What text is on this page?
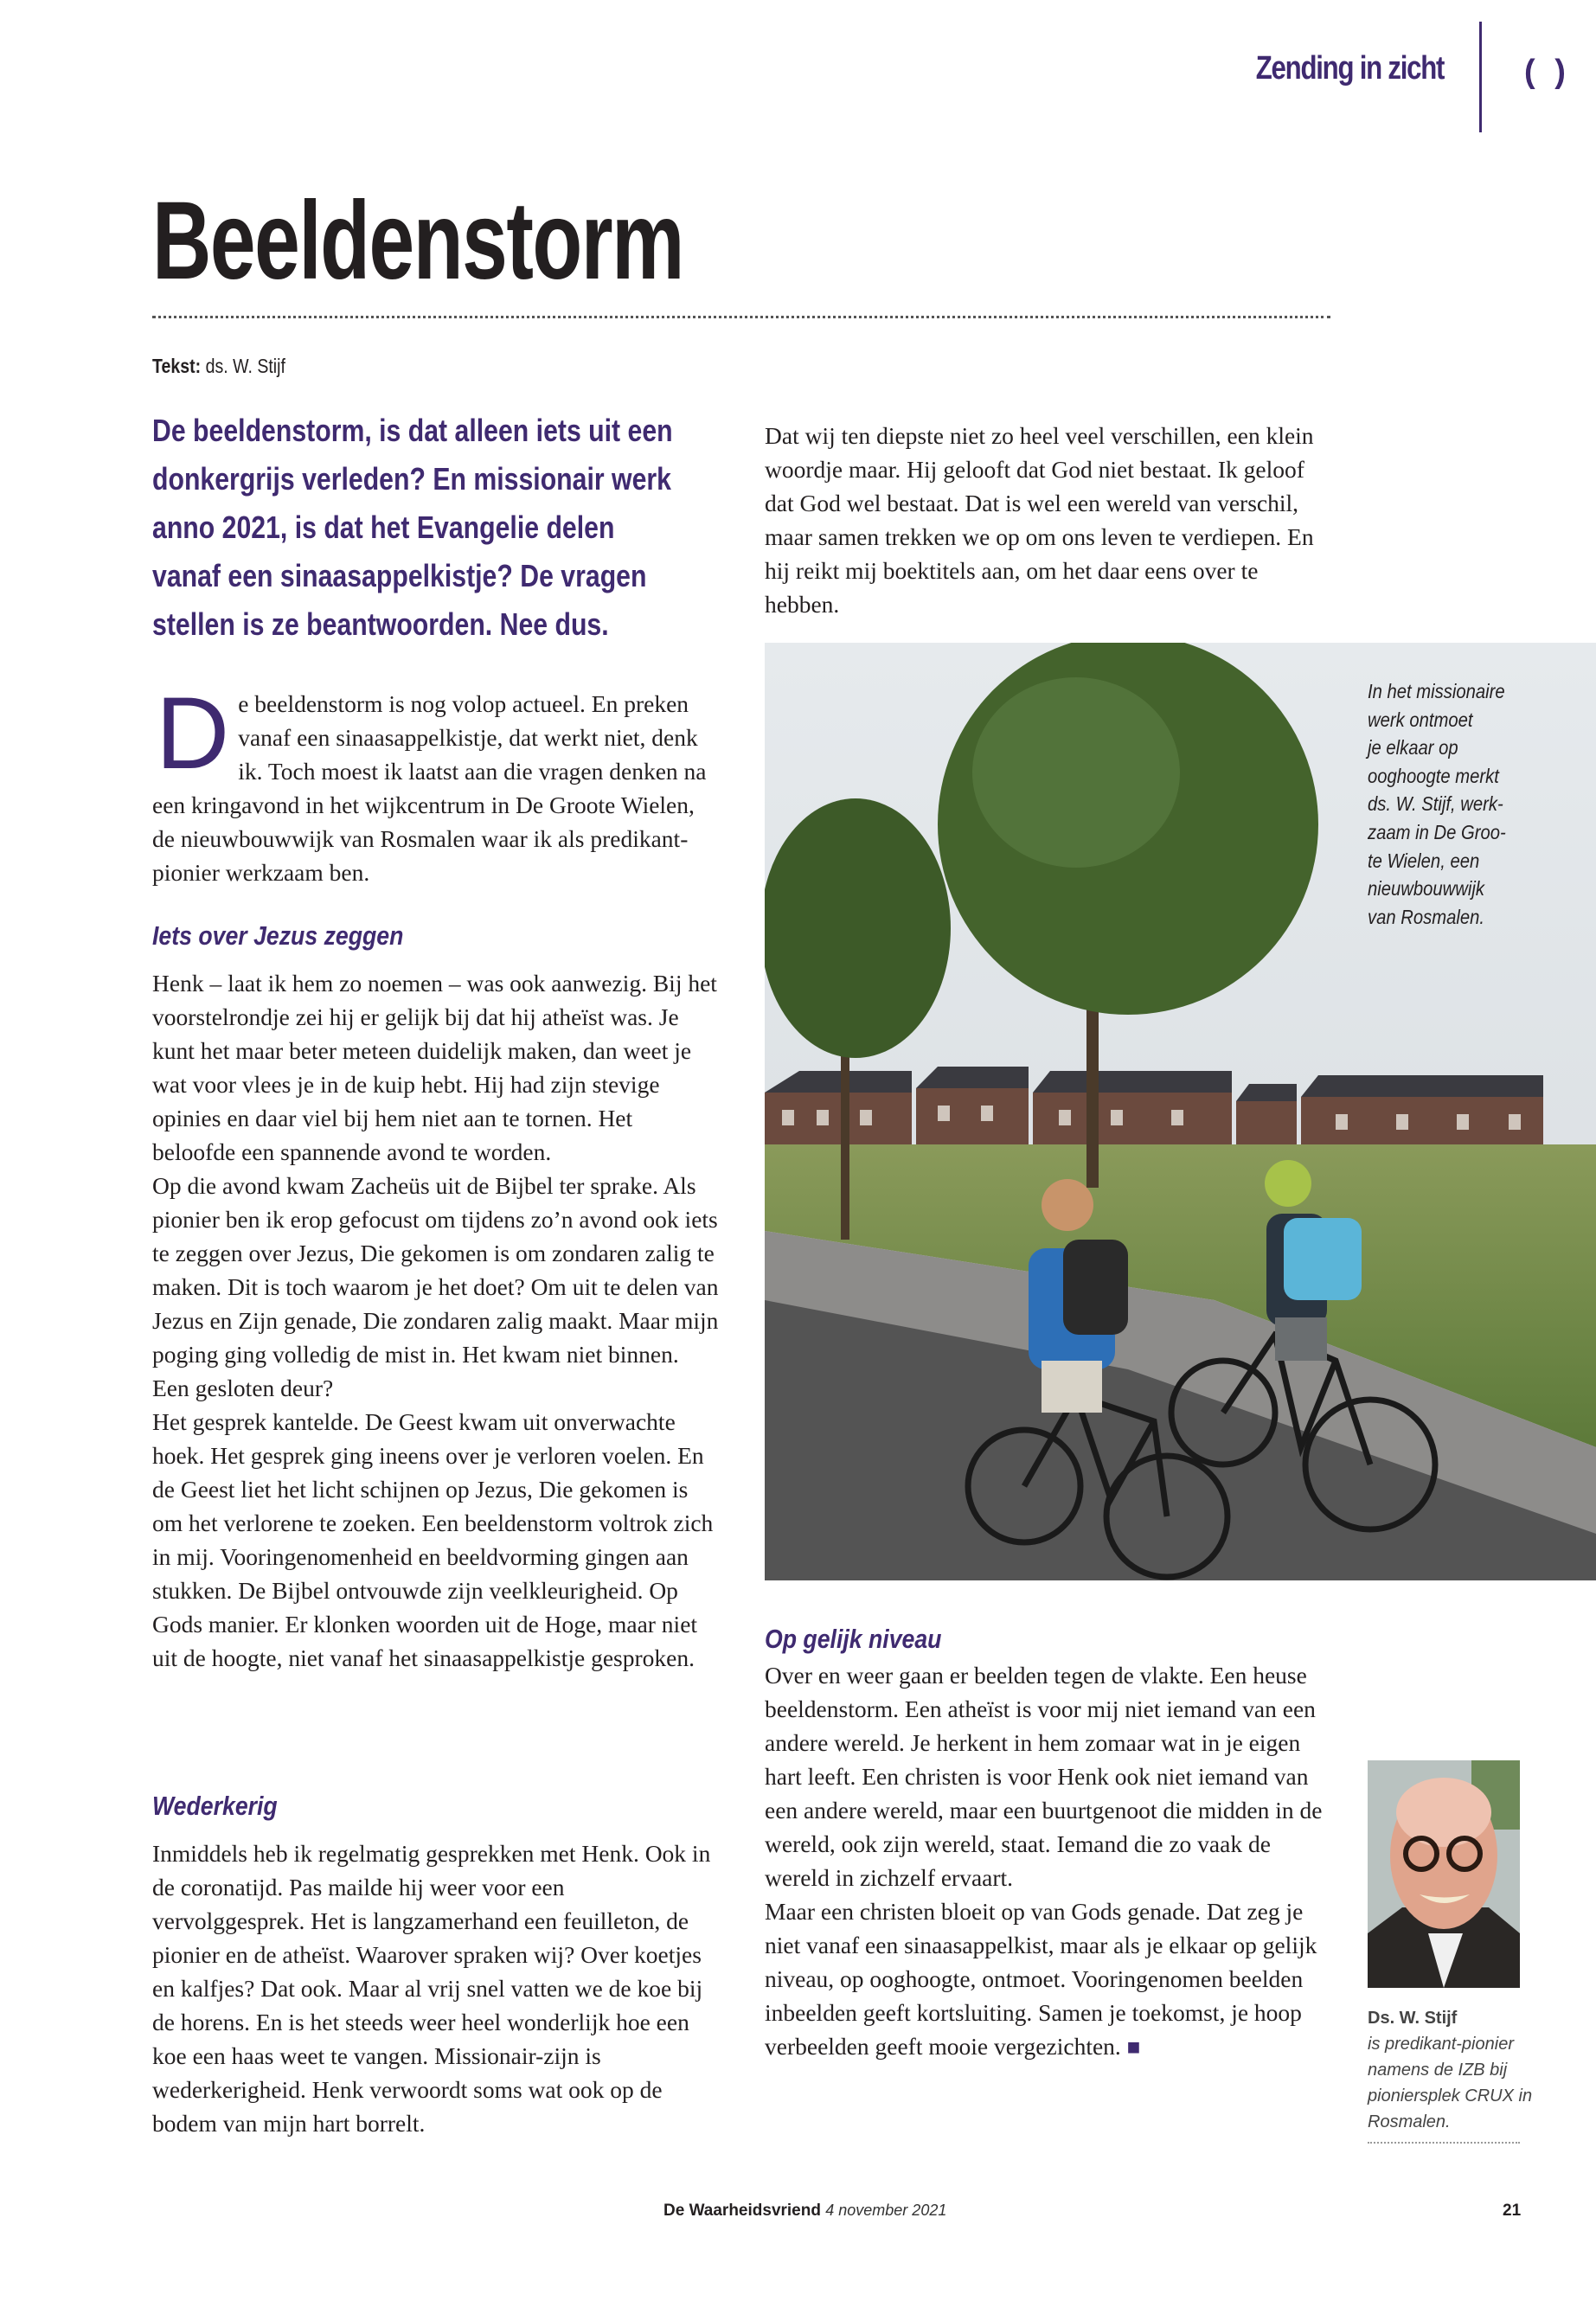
Zending in zicht ( )
Beeldenstorm
Tekst: ds. W. Stijf
De beeldenstorm, is dat alleen iets uit een donkergrijs verleden? En missionair werk anno 2021, is dat het Evangelie delen vanaf een sinaasappelkistje? De vragen stellen is ze beantwoorden. Nee dus.
D e beeldenstorm is nog volop actueel. En preken vanaf een sinaasappelkistje, dat werkt niet, denk ik. Toch moest ik laatst aan die vragen denken na een kringavond in het wijkcentrum in De Groote Wielen, de nieuwbouwwijk van Rosmalen waar ik als predikant-pionier werkzaam ben.
Iets over Jezus zeggen

Henk – laat ik hem zo noemen – was ook aanwezig. Bij het voorstelrondje zei hij er gelijk bij dat hij atheïst was. Je kunt het maar beter meteen duidelijk maken, dan weet je wat voor vlees je in de kuip hebt. Hij had zijn stevige opinies en daar viel bij hem niet aan te tornen. Het beloofde een spannende avond te worden.

Op die avond kwam Zacheüs uit de Bijbel ter sprake. Als pionier ben ik erop gefocust om tijdens zo’n avond ook iets te zeggen over Jezus, Die gekomen is om zondaren zalig te maken. Dit is toch waarom je het doet? Om uit te delen van Jezus en Zijn genade, Die zondaren zalig maakt. Maar mijn poging ging volledig de mist in. Het kwam niet binnen. Een gesloten deur?

Het gesprek kantelde. De Geest kwam uit onverwachte hoek. Het gesprek ging ineens over je verloren voelen. En de Geest liet het licht schijnen op Jezus, Die gekomen is om het verlorene te zoeken. Een beeldenstorm voltrok zich in mij. Vooringenomenheid en beeldvorming gingen aan stukken. De Bijbel ontvouwde zijn veelkleurigheid. Op Gods manier. Er klonken woorden uit de Hoge, maar niet uit de hoogte, niet vanaf het sinaasappelkistje gesproken.

Wederkerig

Inmiddels heb ik regelmatig gesprekken met Henk. Ook in de coronatijd. Pas mailde hij weer voor een vervolggesprek. Het is langzamerhand een feuilleton, de pionier en de atheïst. Waarover spraken wij? Over koetjes en kalfjes? Dat ook. Maar al vrij snel vatten we de koe bij de horens. En is het steeds weer heel wonderlijk hoe een koe een haas weet te vangen. Missionair-zijn is wederkerigheid. Henk verwoordt soms wat ook op de bodem van mijn hart borrelt.

Dat wij ten diepste niet zo heel veel verschillen, een klein woordje maar. Hij gelooft dat God niet bestaat. Ik geloof dat God wel bestaat. Dat is wel een wereld van verschil, maar samen trekken we op om ons leven te verdiepen. En hij reikt mij boektitels aan, om het daar eens over te hebben.

In het missionaire
werk ontmoet
je elkaar op
ooghoogte merkt
ds. W. Stijf, werk-
zaam in De Groo-
te Wielen, een
nieuwbouwwijk
van Rosmalen.
Op gelijk niveau

Over en weer gaan er beelden tegen de vlakte. Een heuse beeldenstorm. Een atheïst is voor mij niet iemand van een andere wereld. Je herkent in hem zomaar wat in je eigen hart leeft. Een christen is voor Henk ook niet iemand van een andere wereld, maar een buurtgenoot die midden in de wereld, ook zijn wereld, staat. Iemand die zo vaak de wereld in zichzelf ervaart.

Maar een christen bloeit op van Gods genade. Dat zeg je niet vanaf een sinaasappelkist, maar als je elkaar op gelijk niveau, op ooghoogte, ontmoet. Vooringenomen beelden inbeelden geeft kortsluiting. Samen je toekomst, je hoop verbeelden geeft mooie vergezichten. ■

Ds. W. Stijf
is predikant-pionier
namens de IZB bij
pioniersplek CRUX in
Rosmalen.
De Waarheidsvriend 4 november 2021	21
